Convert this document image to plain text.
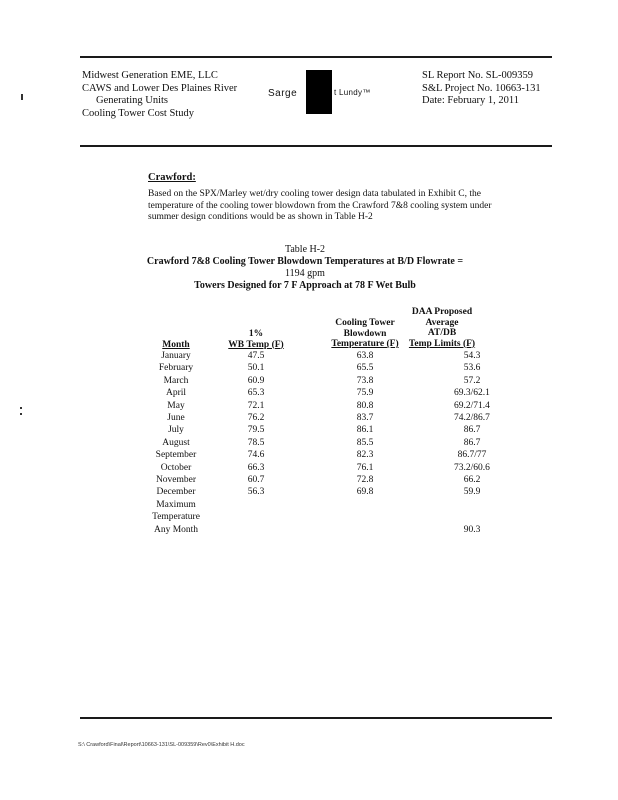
Midwest Generation EME, LLC
CAWS and Lower Des Plaines River
Generating Units
Cooling Tower Cost Study
Sarge	t Lundy™
SL Report No. SL-009359
S&L Project No. 10663-131
Date: February 1, 2011
Crawford:
Based on the SPX/Marley wet/dry cooling tower design data tabulated in Exhibit C, the
temperature of the cooling tower blowdown from the Crawford 7&8 cooling system under
summer design conditions would be as shown in Table H-2
Table H-2
Crawford 7&8 Cooling Tower Blowdown Temperatures at B/D Flowrate =
1194 gpm
Towers Designed for 7 F Approach at 78 F Wet Bulb
Month
1%
WB Temp (F)
Cooling Tower
Blowdown
Temperature (F)
DAA Proposed
Average
AT/DB
Temp Limits (F)
January	47.5	63.8	54.3
February	50.1	65.5	53.6
March	60.9	73.8	57.2
April	65.3	75.9	69.3/62.1
May	72.1	80.8	69.2/71.4
June	76.2	83.7	74.2/86.7
July	79.5	86.1	86.7
August	78.5	85.5	86.7
September	74.6	82.3	86.7/77
October	66.3	76.1	73.2/60.6
November	60.7	72.8	66.2
December	56.3	69.8	59.9

Maximum
Temperature
Any Month			90.3
S:\ Crawford\Final\Report\10663-131\SL-009359\Rev0\Exhibit H.doc
